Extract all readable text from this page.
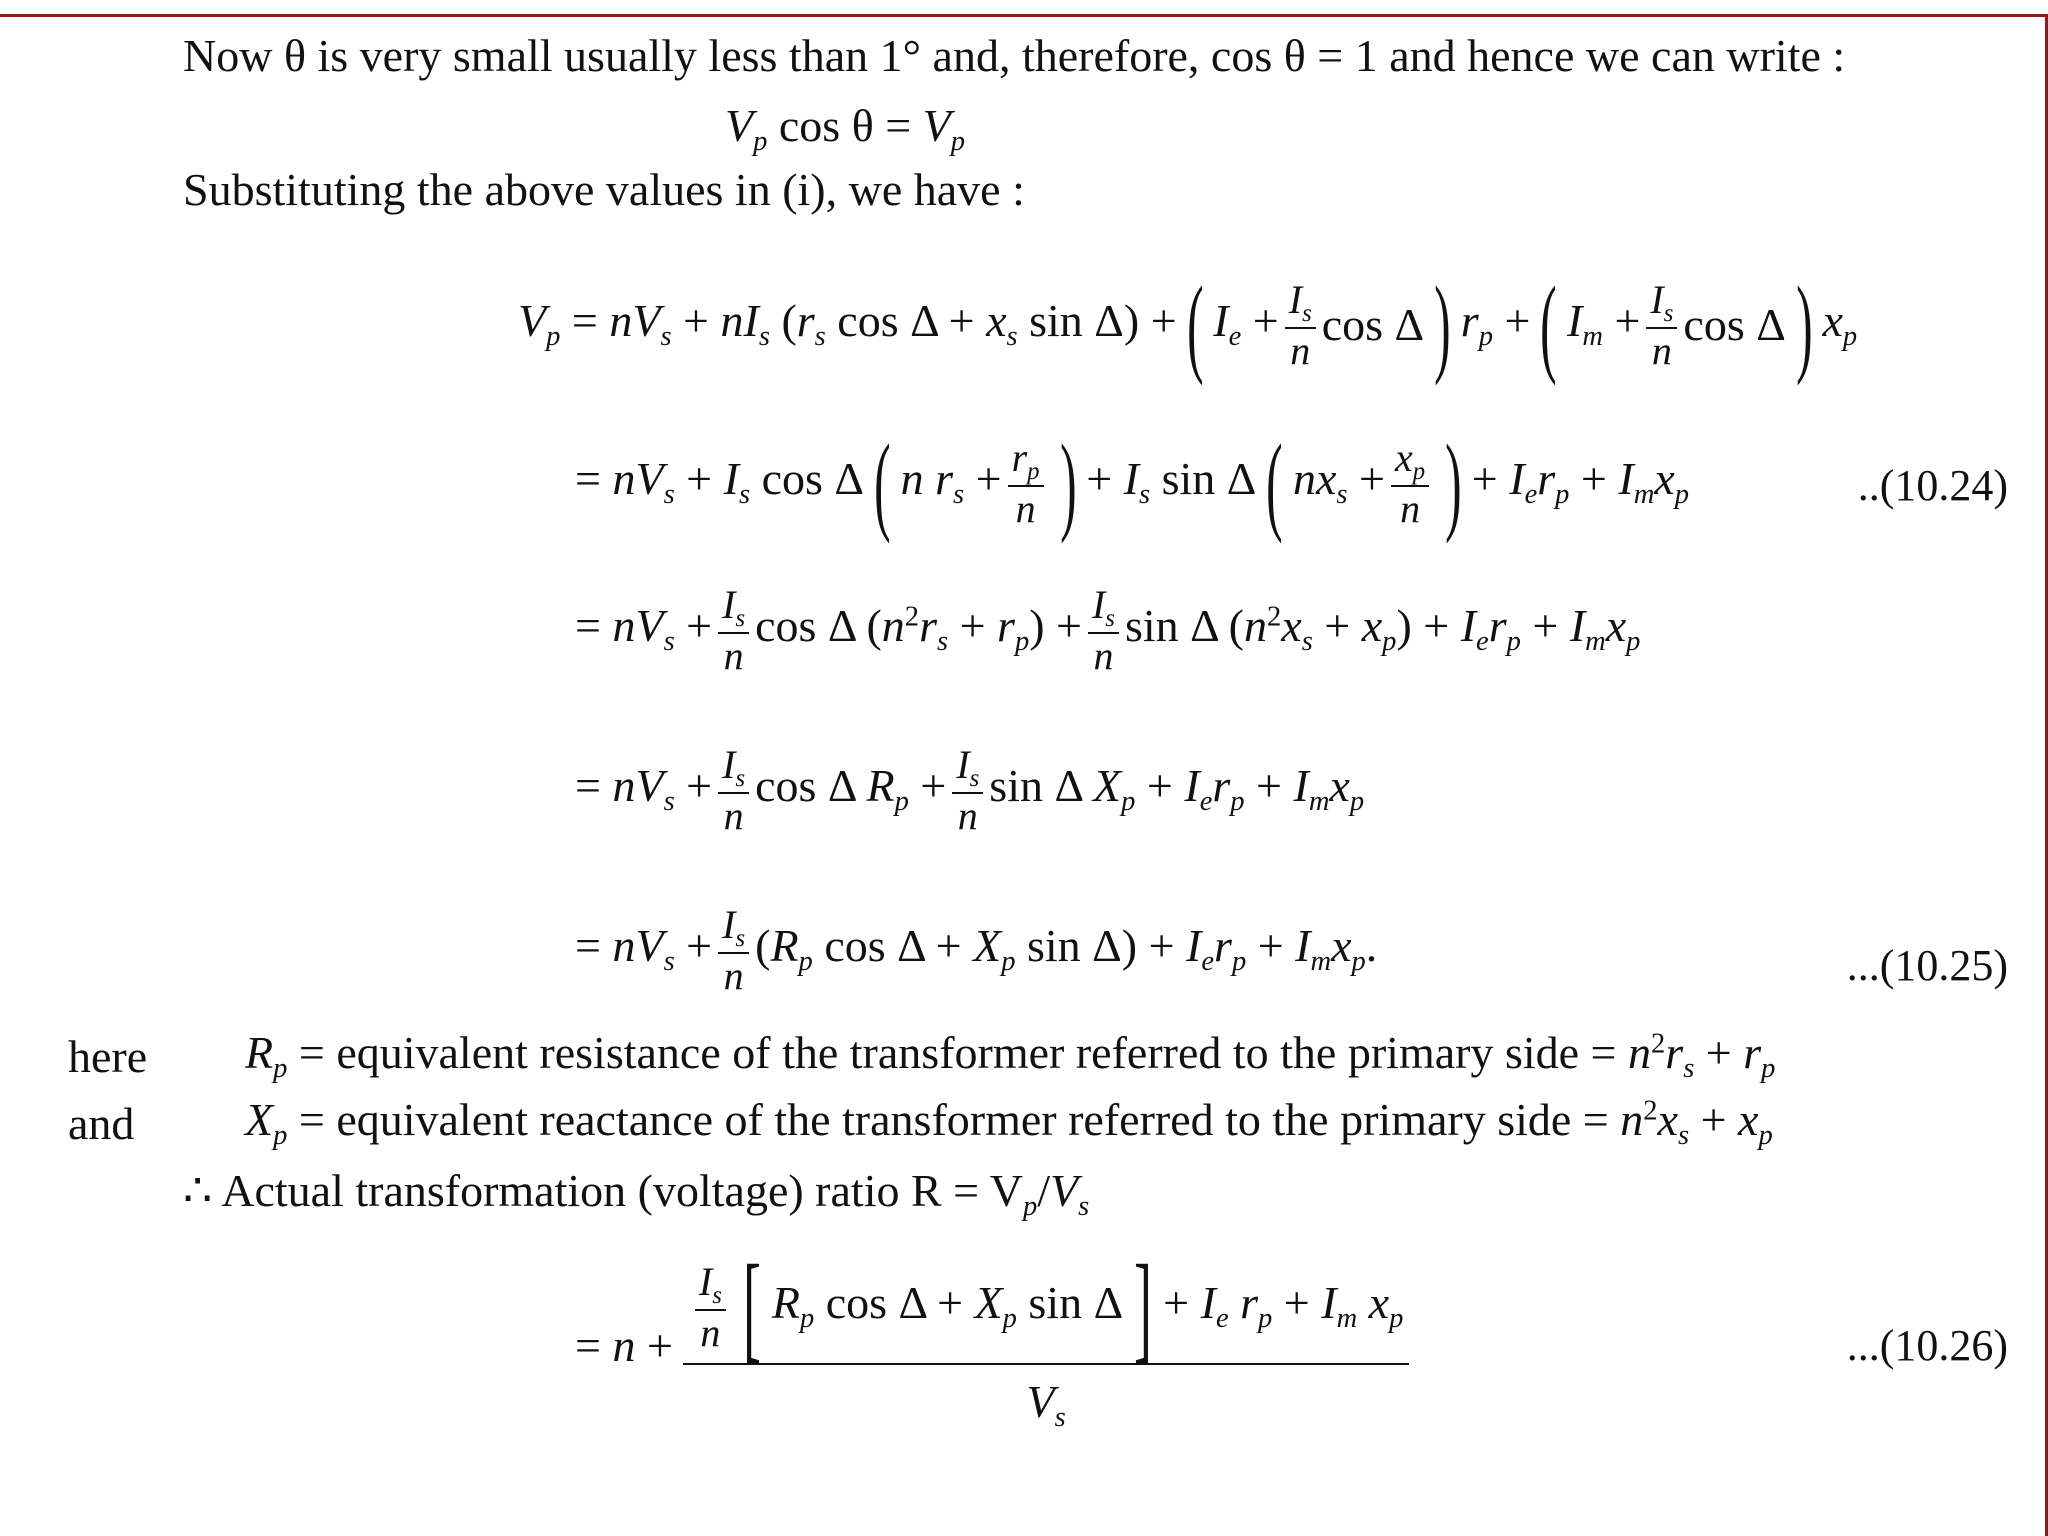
Now θ is very small usually less than 1° and, therefore, cos θ = 1 and hence we can write :
$V_p$ $\cos \theta = V_p$
Substituting the above values in (i), we have :
$V_p = nV_s + nI_s$ ($r_s$ $\cos \Delta + x_s$ sin Δ) + ( $I_e + \frac{I_s}{n}$ cos Δ ) $r_p$ + ( $I_m + \frac{I_s}{n}$ cos Δ ) $x_p$
= $nV_s + I_s$ cos Δ ( n $r_s + \frac{r_p}{n}$ ) + $I_s$ sin Δ ( $nx_s + \frac{x_p}{n}$ ) + $I_er_p + I_mx_p$	..(10.24)
= $nV_s + \frac{I_s}{n}$ cos Δ $(n^2r_s + r_p) + \frac{I_s}{n}$ sin Δ $(n^2x_s + x_p) + I_er_p + I_mx_p$
= $nV_s + \frac{I_s}{n}$ cos Δ $R_p + \frac{I_s}{n}$ sin Δ $X_p + I_er_p + I_mx_p$
= $nV_s + \frac{I_s}{n} (R_p$ $\cos \Delta + X_p$ $\sin \Delta) + I_er_p + I_mx_p$.	...(10.25)
here $R_p$ = equivalent resistance of the transformer referred to the primary side = $n^2r_s + r_p$
and $X_p$ = equivalent reactance of the transformer referred to the primary side = $n^2x_s + x_p$
∴ Actual transformation (voltage) ratio $R = V_p/V_s$
= $n + \frac{I_s}{n}$ [ $R_p$ $\cos \Delta + X_p$ sin Δ ] + $I_e$ $r_p + I_m$ $x_p$
$V_s$
...(10.26)
